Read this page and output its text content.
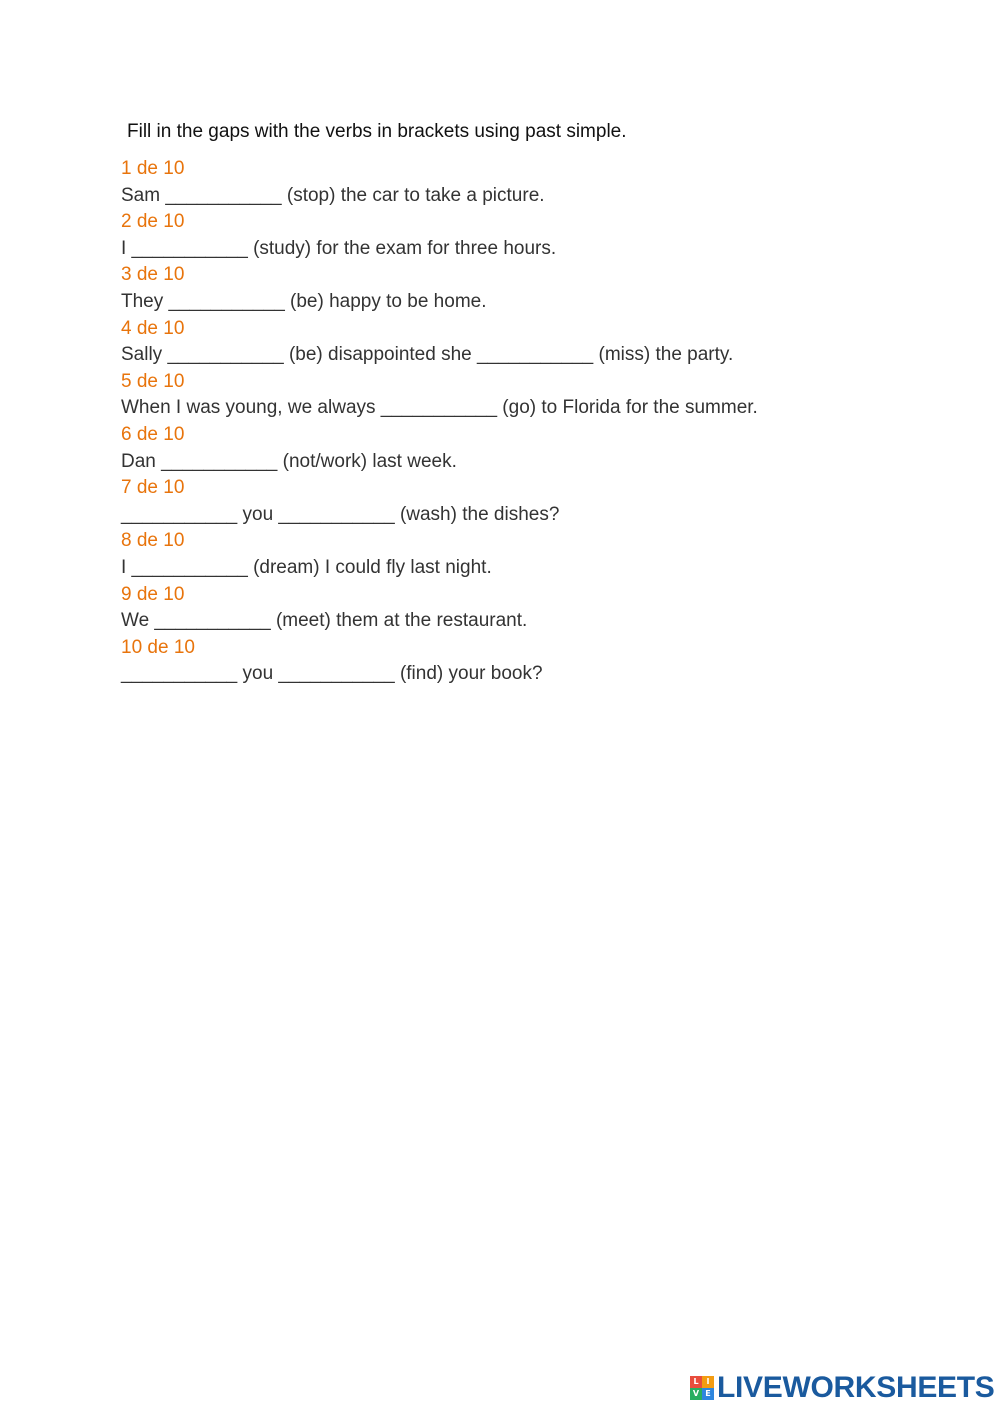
Fill in the gaps with the verbs in brackets using past simple.
1 de 10
Sam ___________ (stop) the car to take a picture.
2 de 10
I ___________ (study) for the exam for three hours.
3 de 10
They ___________ (be) happy to be home.
4 de 10
Sally ___________ (be) disappointed she ___________ (miss) the party.
5 de 10
When I was young, we always ___________ (go) to Florida for the summer.
6 de 10
Dan ___________ (not/work) last week.
7 de 10
___________ you ___________ (wash) the dishes?
8 de 10
I ___________ (dream) I could fly last night.
9 de 10
We ___________ (meet) them at the restaurant.
10 de 10
___________ you ___________ (find) your book?
L I
V E LIVEWORKSHEETS
